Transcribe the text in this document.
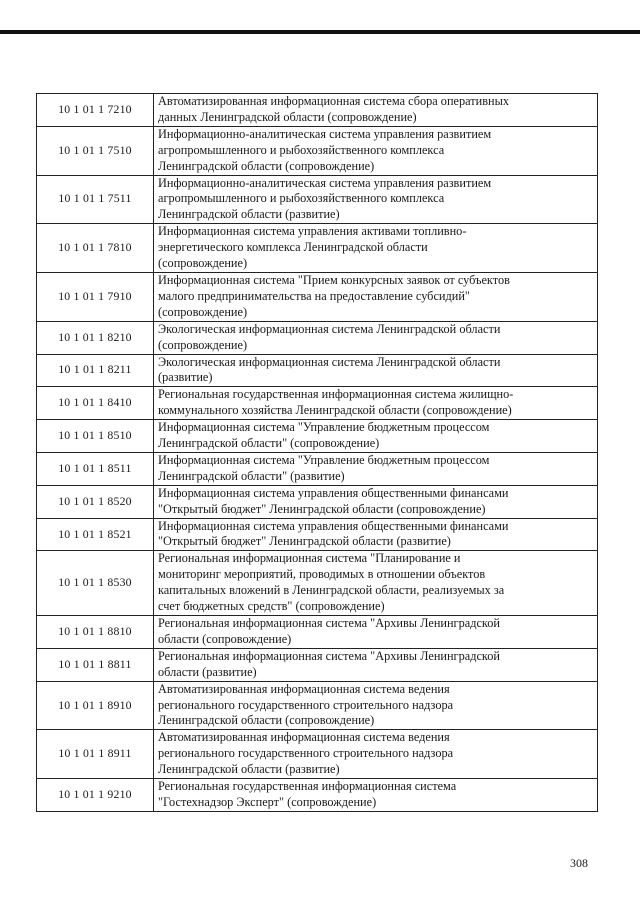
10 1 01 1 7210	Автоматизированная информационная система сбора оперативных
данных Ленинградской области (сопровождение)

10 1 01 1 7510	Информационно-аналитическая система управления развитием
агропромышленного и рыбохозяйственного комплекса
Ленинградской области (сопровождение)

10 1 01 1 7511	Информационно-аналитическая система управления развитием
агропромышленного и рыбохозяйственного комплекса
Ленинградской области (развитие)

10 1 01 1 7810	Информационная система управления активами топливно-
энергетического комплекса Ленинградской области
(сопровождение)

10 1 01 1 7910	Информационная система "Прием конкурсных заявок от субъектов
малого предпринимательства на предоставление субсидий"
(сопровождение)

10 1 01 1 8210	Экологическая информационная система Ленинградской области
(сопровождение)

10 1 01 1 8211	Экологическая информационная система Ленинградской области
(развитие)

10 1 01 1 8410	Региональная государственная информационная система жилищно-
коммунального хозяйства Ленинградской области (сопровождение)

10 1 01 1 8510	Информационная система "Управление бюджетным процессом
Ленинградской области" (сопровождение)

10 1 01 1 8511	Информационная система "Управление бюджетным процессом
Ленинградской области" (развитие)

10 1 01 1 8520	Информационная система управления общественными финансами
"Открытый бюджет" Ленинградской области (сопровождение)

10 1 01 1 8521	Информационная система управления общественными финансами
"Открытый бюджет" Ленинградской области (развитие)

10 1 01 1 8530	Региональная информационная система "Планирование и
мониторинг мероприятий, проводимых в отношении объектов
капитальных вложений в Ленинградской области, реализуемых за
счет бюджетных средств" (сопровождение)

10 1 01 1 8810	Региональная информационная система "Архивы Ленинградской
области (сопровождение)

10 1 01 1 8811	Региональная информационная система "Архивы Ленинградской
области (развитие)

10 1 01 1 8910	Автоматизированная информационная система ведения
регионального государственного строительного надзора
Ленинградской области (сопровождение)

10 1 01 1 8911	Автоматизированная информационная система ведения
регионального государственного строительного надзора
Ленинградской области (развитие)

10 1 01 1 9210	Региональная государственная информационная система
"Гостехнадзор Эксперт" (сопровождение)
308
